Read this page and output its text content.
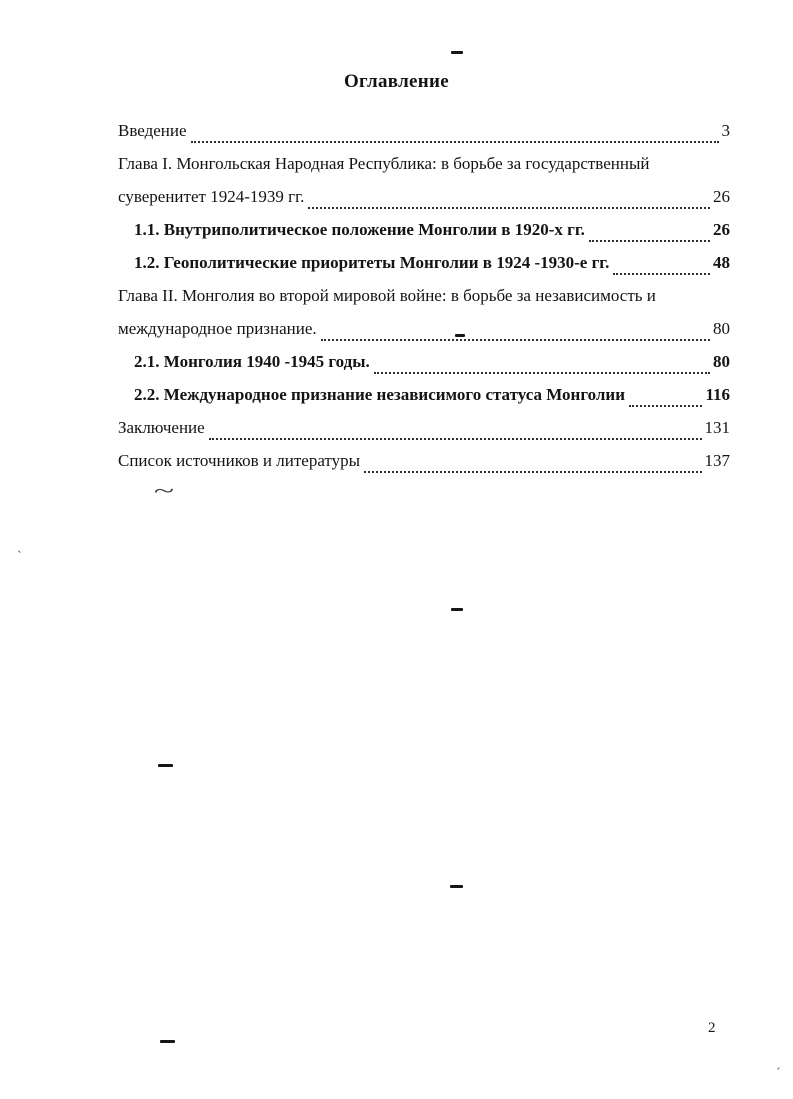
~
`
´
Оглавление
Введение	3
Глава I. Монгольская Народная Республика: в борьбе за государственный
суверенитет 1924-1939 гг.	26
1.1. Внутриполитическое положение Монголии в 1920-х гг.	26
1.2. Геополитические приоритеты Монголии в 1924 -1930-е гг.	48
Глава II. Монголия во второй мировой войне: в борьбе за независимость и
международное признание.	80
2.1. Монголия 1940 -1945 годы.	80
2.2. Международное признание независимого статуса Монголии	116
Заключение	131
Список источников и литературы	137
2
